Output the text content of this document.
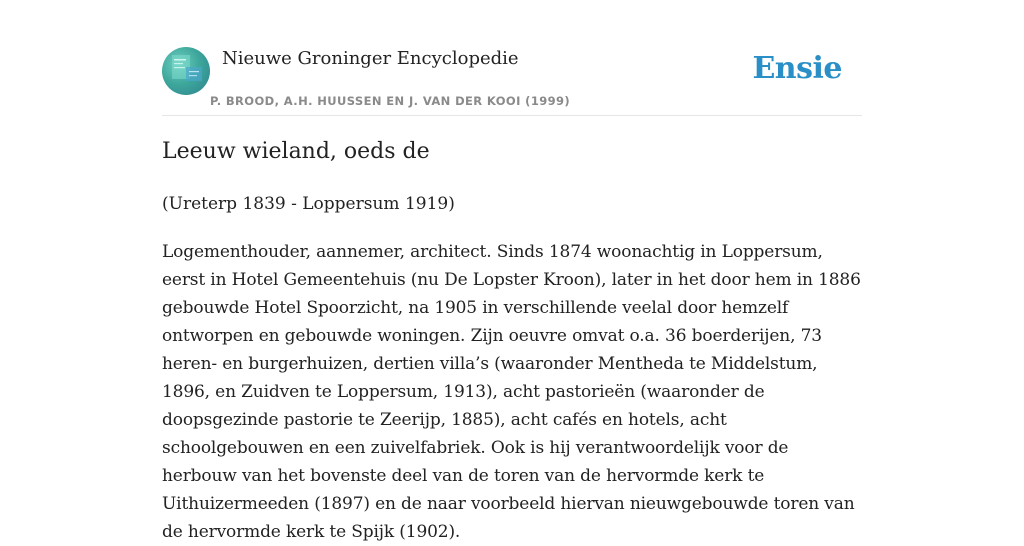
Nieuwe Groninger Encyclopedie
P. BROOD, A.H. HUUSSEN EN J. VAN DER KOOI (1999)
Ensie
Leeuw wieland, oeds de
(Ureterp 1839 - Loppersum 1919)

Logementhouder, aannemer, architect. Sinds 1874 woonachtig in Loppersum, eerst in Hotel Gemeentehuis (nu De Lopster Kroon), later in het door hem in 1886 gebouwde Hotel Spoorzicht, na 1905 in verschillende veelal door hemzelf ontworpen en gebouwde woningen. Zijn oeuvre omvat o.a. 36 boerderijen, 73 heren- en burgerhuizen, dertien villa’s (waaronder Mentheda te Middelstum, 1896, en Zuidven te Loppersum, 1913), acht pastorieën (waaronder de doopsgezinde pastorie te Zeerijp, 1885), acht cafés en hotels, acht schoolgebouwen en een zuivelfabriek. Ook is hij verantwoordelijk voor de herbouw van het bovenste deel van de toren van de hervormde kerk te Uithuizermeeden (1897) en de naar voorbeeld hiervan nieuwgebouwde toren van de hervormde kerk te Spijk (1902).
